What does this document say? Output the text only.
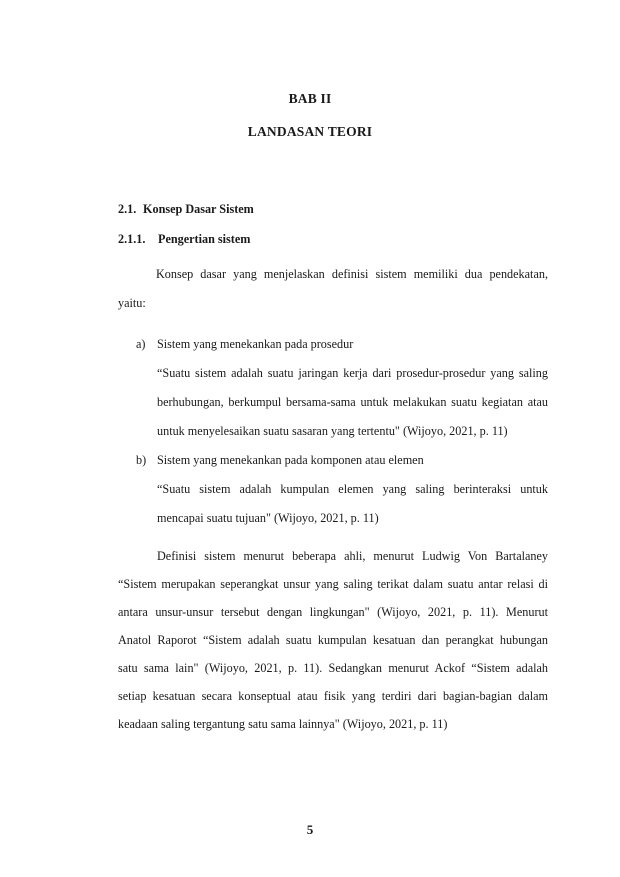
BAB II
LANDASAN TEORI
2.1. Konsep Dasar Sistem
2.1.1. Pengertian sistem
Konsep dasar yang menjelaskan definisi sistem memiliki dua pendekatan,
yaitu:
a) Sistem yang menekankan pada prosedur
“Suatu sistem adalah suatu jaringan kerja dari prosedur-prosedur yang saling
berhubungan, berkumpul bersama-sama untuk melakukan suatu kegiatan atau
untuk menyelesaikan suatu sasaran yang tertentu" (Wijoyo, 2021, p. 11)
b) Sistem yang menekankan pada komponen atau elemen
“Suatu sistem adalah kumpulan elemen yang saling berinteraksi untuk
mencapai suatu tujuan" (Wijoyo, 2021, p. 11)
Definisi sistem menurut beberapa ahli, menurut Ludwig Von Bartalaney
“Sistem merupakan seperangkat unsur yang saling terikat dalam suatu antar relasi di
antara unsur-unsur tersebut dengan lingkungan" (Wijoyo, 2021, p. 11). Menurut
Anatol Raporot “Sistem adalah suatu kumpulan kesatuan dan perangkat hubungan
satu sama lain" (Wijoyo, 2021, p. 11). Sedangkan menurut Ackof “Sistem adalah
setiap kesatuan secara konseptual atau fisik yang terdiri dari bagian-bagian dalam
keadaan saling tergantung satu sama lainnya" (Wijoyo, 2021, p. 11)
5
